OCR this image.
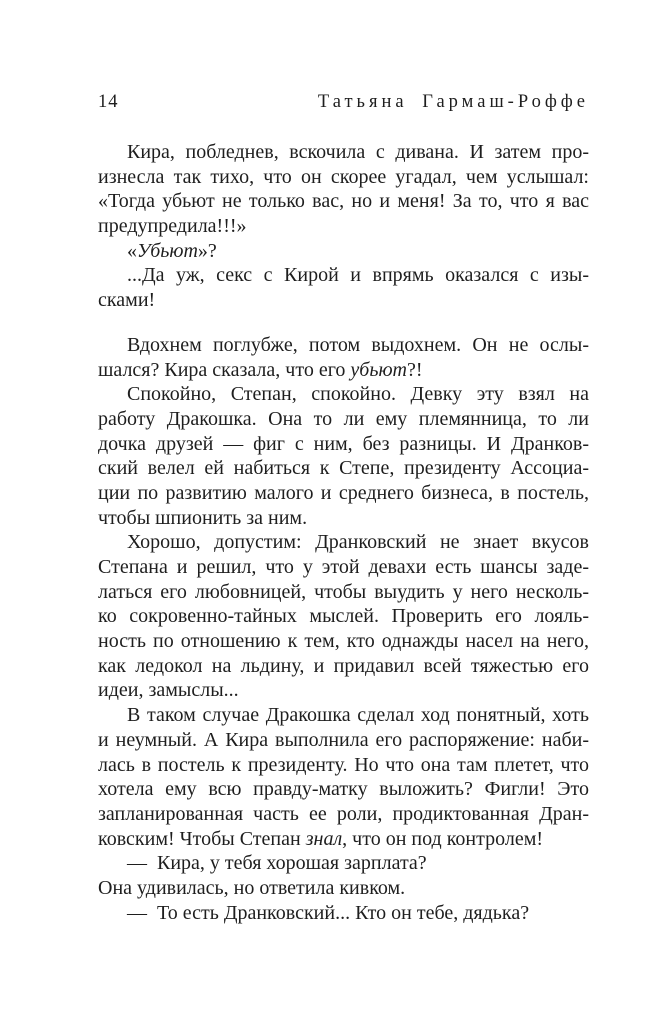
14	Татьяна Гармаш-Роффе
Кира, побледнев, вскочила с дивана. И затем про-
изнесла так тихо, что он скорее угадал, чем услышал:
«Тогда убьют не только вас, но и меня! За то, что я вас
предупредила!!!»
«Убьют»?
...Да уж, секс с Кирой и впрямь оказался с изы-
сками!
Вдохнем поглубже, потом выдохнем. Он не ослы-
шался? Кира сказала, что его убьют?!
Спокойно, Степан, спокойно. Девку эту взял на
работу Дракошка. Она то ли ему племянница, то ли
дочка друзей — фиг с ним, без разницы. И Дранков-
ский велел ей набиться к Степе, президенту Ассоциа-
ции по развитию малого и среднего бизнеса, в постель,
чтобы шпионить за ним.
Хорошо, допустим: Дранковский не знает вкусов
Степана и решил, что у этой девахи есть шансы заде-
латься его любовницей, чтобы выудить у него несколь-
ко сокровенно-тайных мыслей. Проверить его лояль-
ность по отношению к тем, кто однажды насел на него,
как ледокол на льдину, и придавил всей тяжестью его
идеи, замыслы...
В таком случае Дракошка сделал ход понятный, хоть
и неумный. А Кира выполнила его распоряжение: наби-
лась в постель к президенту. Но что она там плетет, что
хотела ему всю правду-матку выложить? Фигли! Это
запланированная часть ее роли, продиктованная Дран-
ковским! Чтобы Степан знал, что он под контролем!
—  Кира, у тебя хорошая зарплата?
Она удивилась, но ответила кивком.
—  То есть Дранковский... Кто он тебе, дядька?
